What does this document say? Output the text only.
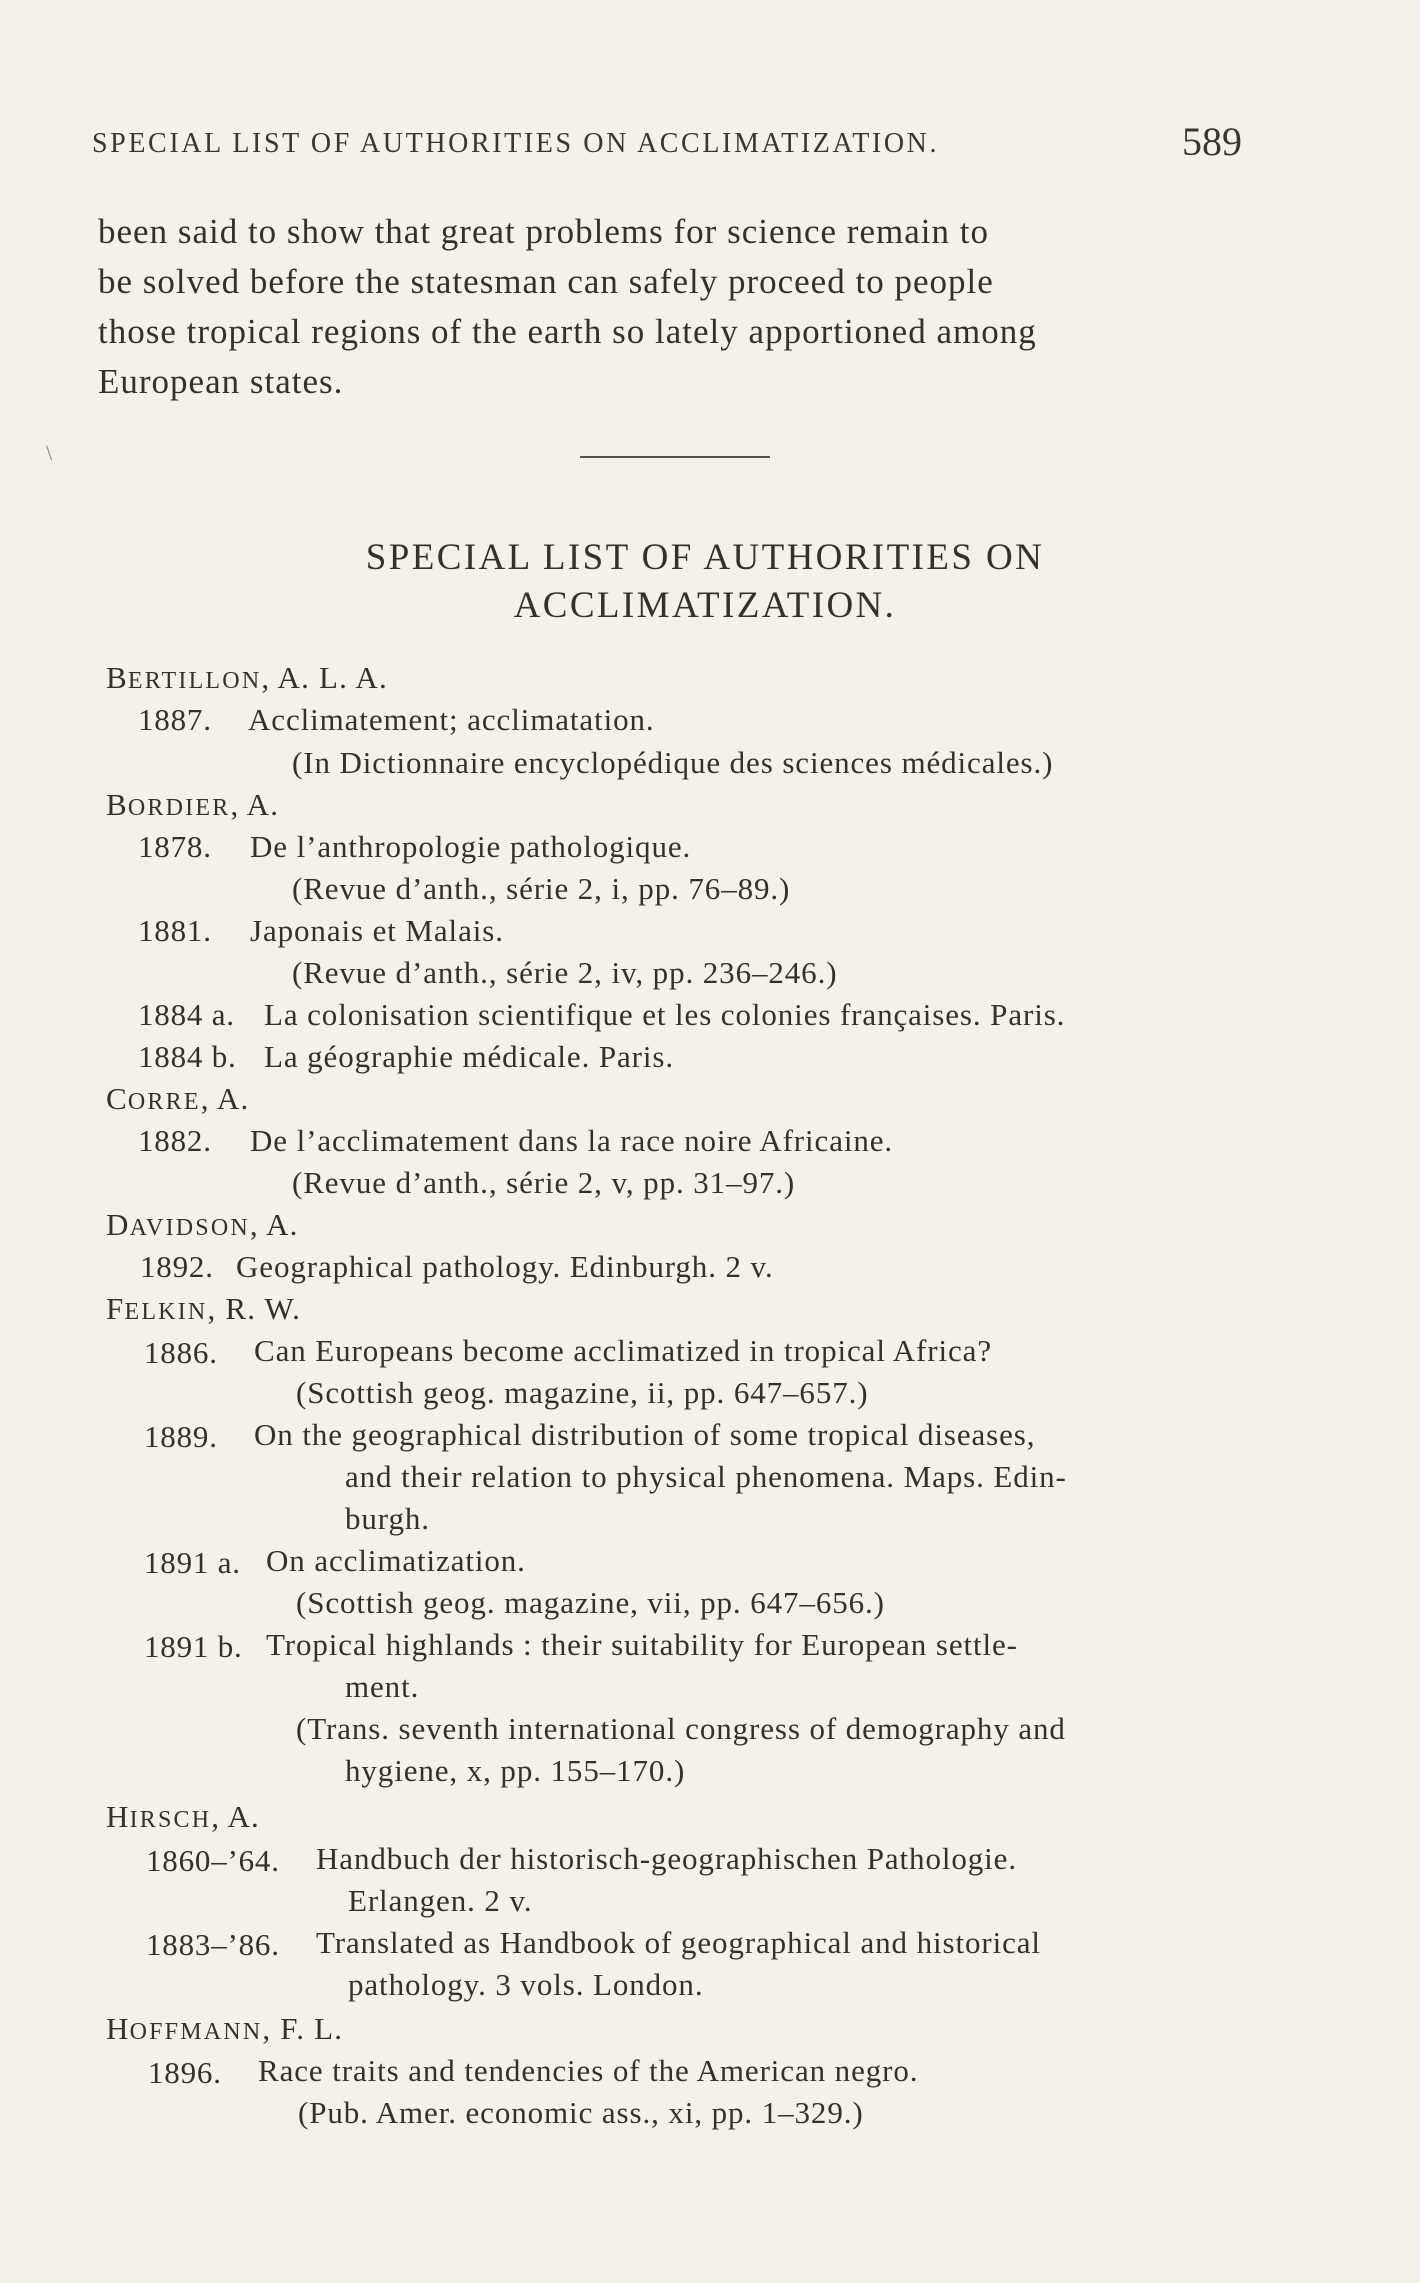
SPECIAL LIST OF AUTHORITIES ON ACCLIMATIZATION.	589
been said to show that great problems for science remain to
be solved before the statesman can safely proceed to people
those tropical regions of the earth so lately apportioned among
European states.
\
SPECIAL LIST OF AUTHORITIES ON
ACCLIMATIZATION.
BERTILLON, A. L. A.
1887. Acclimatement; acclimatation.
(In Dictionnaire encyclopédique des sciences médicales.)
BORDIER, A.
1878. De l’anthropologie pathologique.
(Revue d’anth., série 2, i, pp. 76–89.)
1881. Japonais et Malais.
(Revue d’anth., série 2, iv, pp. 236–246.)
1884 a. La colonisation scientifique et les colonies françaises. Paris.
1884 b. La géographie médicale. Paris.
CORRE, A.
1882. De l’acclimatement dans la race noire Africaine.
(Revue d’anth., série 2, v, pp. 31–97.)
DAVIDSON, A.
1892. Geographical pathology. Edinburgh. 2 v.
FELKIN, R. W.
1886. Can Europeans become acclimatized in tropical Africa?
(Scottish geog. magazine, ii, pp. 647–657.)
1889. On the geographical distribution of some tropical diseases,
and their relation to physical phenomena. Maps. Edin-
burgh.
1891 a. On acclimatization.
(Scottish geog. magazine, vii, pp. 647–656.)
1891 b. Tropical highlands : their suitability for European settle-
ment.
(Trans. seventh international congress of demography and
hygiene, x, pp. 155–170.)
HIRSCH, A.
1860–’64. Handbuch der historisch-geographischen Pathologie.
Erlangen. 2 v.
1883–’86. Translated as Handbook of geographical and historical
pathology. 3 vols. London.
HOFFMANN, F. L.
1896. Race traits and tendencies of the American negro.
(Pub. Amer. economic ass., xi, pp. 1–329.)
